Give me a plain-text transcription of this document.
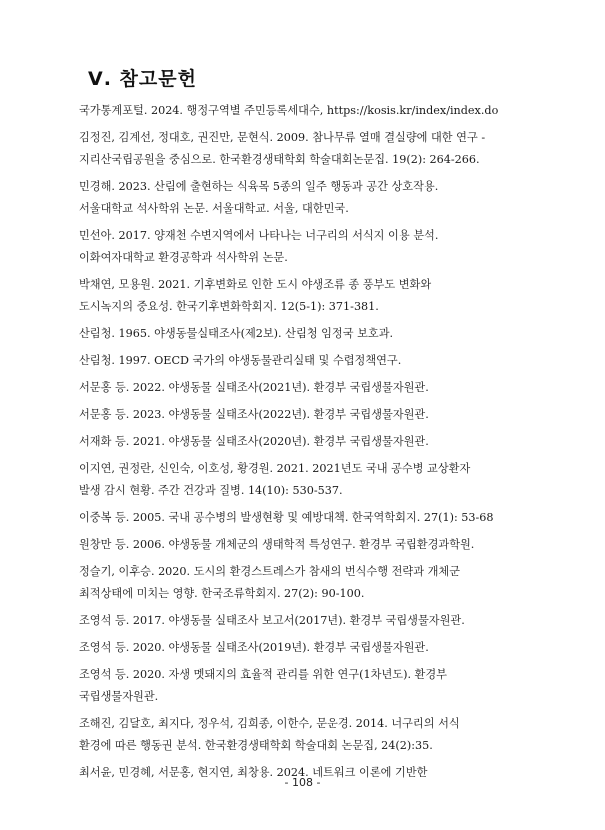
Ⅴ. 참고문헌
국가통계포털. 2024. 행정구역별 주민등록세대수, https://kosis.kr/index/index.do
김정진, 김계선, 정대호, 권진만, 문현식. 2009. 참나무류 열매 결실량에 대한 연구 -
지리산국립공원을 중심으로. 한국환경생태학회 학술대회논문집. 19(2): 264-266.
민경해. 2023. 산림에 출현하는 식육목 5종의 일주 행동과 공간 상호작용.
서울대학교 석사학위 논문. 서울대학교. 서울, 대한민국.
민선아. 2017. 양재천 수변지역에서 나타나는 너구리의 서식지 이용 분석.
이화여자대학교 환경공학과 석사학위 논문.
박채연, 모용원. 2021. 기후변화로 인한 도시 야생조류 종 풍부도 변화와
도시녹지의 중요성. 한국기후변화학회지. 12(5-1): 371-381.
산림청. 1965. 야생동물실태조사(제2보). 산림청 임정국 보호과.
산림청. 1997. OECD 국가의 야생동물관리실태 및 수렵정책연구.
서문홍 등. 2022. 야생동물 실태조사(2021년). 환경부 국립생물자원관.
서문홍 등. 2023. 야생동물 실태조사(2022년). 환경부 국립생물자원관.
서재화 등. 2021. 야생동물 실태조사(2020년). 환경부 국립생물자원관.
이지연, 권정란, 신인숙, 이호성, 황경원. 2021. 2021년도 국내 공수병 교상환자
발생 감시 현황. 주간 건강과 질병. 14(10): 530-537.
이중복 등. 2005. 국내 공수병의 발생현황 및 예방대책. 한국역학회지. 27(1): 53-68
원창만 등. 2006. 야생동물 개체군의 생태학적 특성연구. 환경부 국립환경과학원.
정슬기, 이후승. 2020. 도시의 환경스트레스가 참새의 번식수행 전략과 개체군
최적상태에 미치는 영향. 한국조류학회지. 27(2): 90-100.
조영석 등. 2017. 야생동물 실태조사 보고서(2017년). 환경부 국립생물자원관.
조영석 등. 2020. 야생동물 실태조사(2019년). 환경부 국립생물자원관.
조영석 등. 2020. 자생 멧돼지의 효율적 관리를 위한 연구(1차년도). 환경부
국립생물자원관.
조해진, 김달호, 최지다, 정우석, 김희종, 이한수, 문운경. 2014. 너구리의 서식
환경에 따른 행동권 분석. 한국환경생태학회 학술대회 논문집, 24(2):35.
최서윤, 민경혜, 서문홍, 현지연, 최창용. 2024. 네트워크 이론에 기반한
- 108 -
